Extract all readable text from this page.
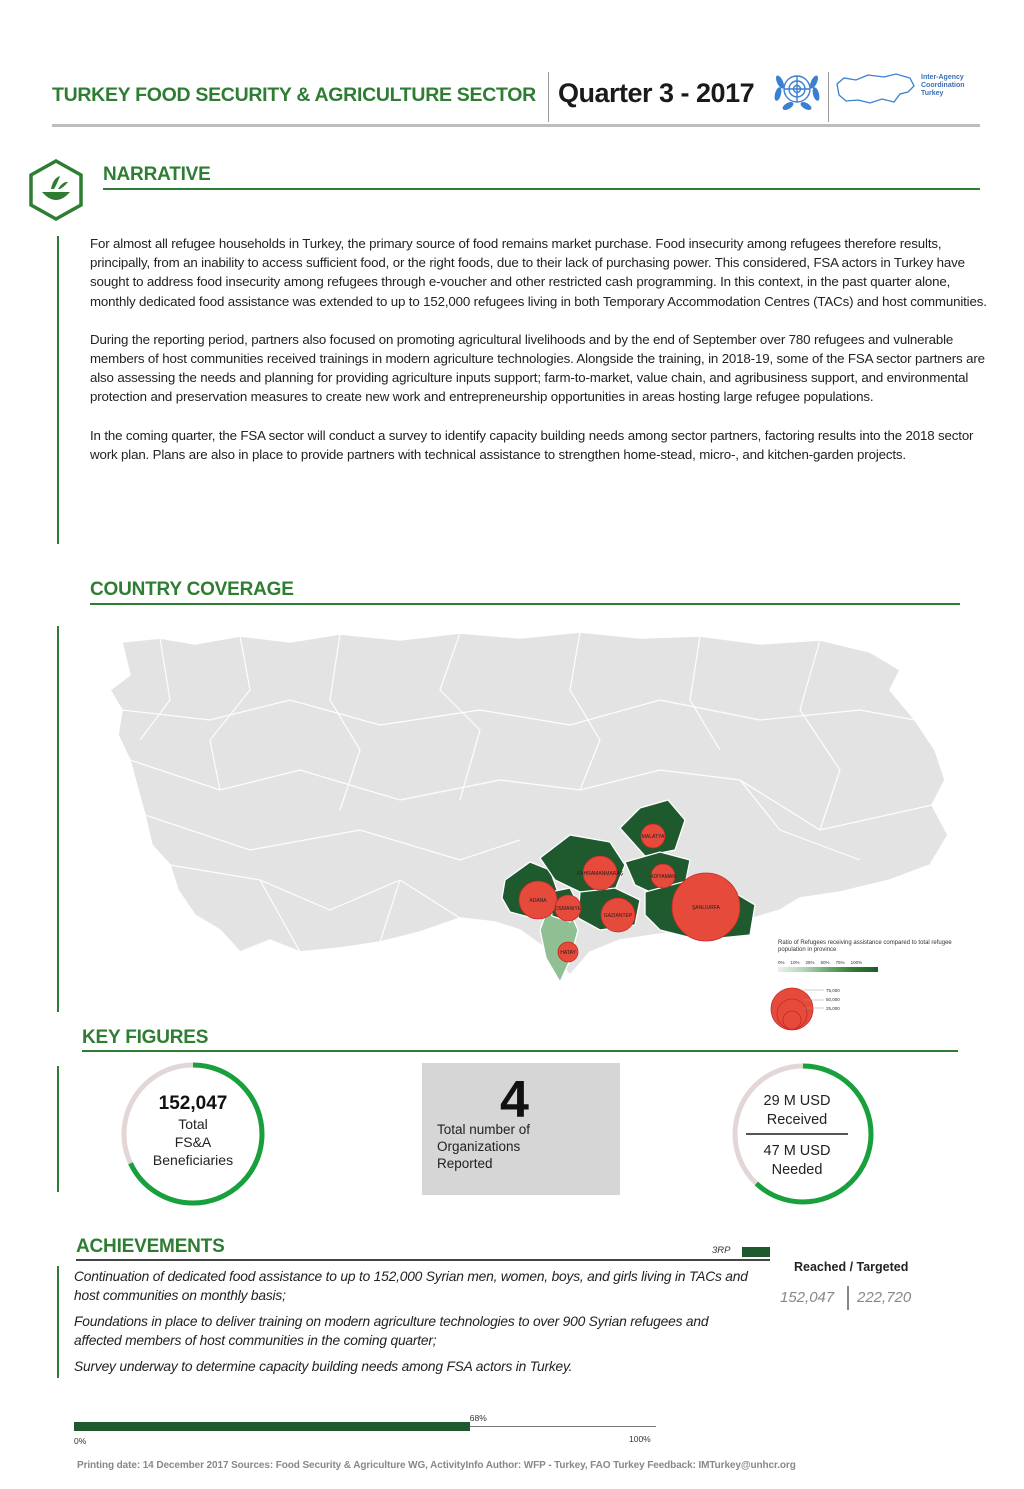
TURKEY FOOD SECURITY & AGRICULTURE SECTOR Quarter 3 - 2017
Inter-Agency
Coordination
Turkey
NARRATIVE

For almost all refugee households in Turkey, the primary source of food remains market purchase. Food insecurity among refugees therefore results, principally, from an inability to access sufficient food, or the right foods, due to their lack of purchasing power. This considered, FSA actors in Turkey have sought to address food insecurity among refugees through e-voucher and other restricted cash programming. In this context, in the past quarter alone, monthly dedicated food assistance was extended to up to 152,000 refugees living in both Temporary Accommodation Centres (TACs) and host communities.

During the reporting period, partners also focused on promoting agricultural livelihoods and by the end of September over 780 refugees and vulnerable members of host communities received trainings in modern agriculture technologies. Alongside the training, in 2018-19, some of the FSA sector partners are also assessing the needs and planning for providing agriculture inputs support; farm-to-market, value chain, and agribusiness support, and environmental protection and preservation measures to create new work and entrepreneurship opportunities in areas hosting large refugee populations.

In the coming quarter, the FSA sector will conduct a survey to identify capacity building needs among sector partners, factoring results into the 2018 sector work plan. Plans are also in place to provide partners with technical assistance to strengthen home-stead, micro-, and kitchen-garden projects.

COUNTRY COVERAGE
MALATYA
KAHRAMANMARAŞ	ADIYAMAN
ADANA
OSMANIYE
GAZIANTEP
ŞANLIURFA
HATAY
Ratio of Refugees receiving assistance compared to total refugee population in province
0% 10% 25% 50% 75% 100%
75,000
50,000
25,000
KEY FIGURES
152,047
Total
FS&A
Beneficiaries
4
Total number of
Organizations
Reported
29 M USD
Received
47 M USD
Needed
ACHIEVEMENTS	3RP

Continuation of dedicated food assistance to up to 152,000 Syrian men, women, boys, and girls living in TACs and host communities on monthly basis;

Foundations in place to deliver training on modern agriculture technologies to over 900 Syrian refugees and affected members of host communities in the coming quarter;

Survey underway to determine capacity building needs among FSA actors in Turkey.

Reached / Targeted
152,047 222,720
68%
0%	100%
Printing date: 14 December 2017 Sources: Food Security & Agriculture WG, ActivityInfo Author: WFP - Turkey, FAO Turkey Feedback: IMTurkey@unhcr.org
